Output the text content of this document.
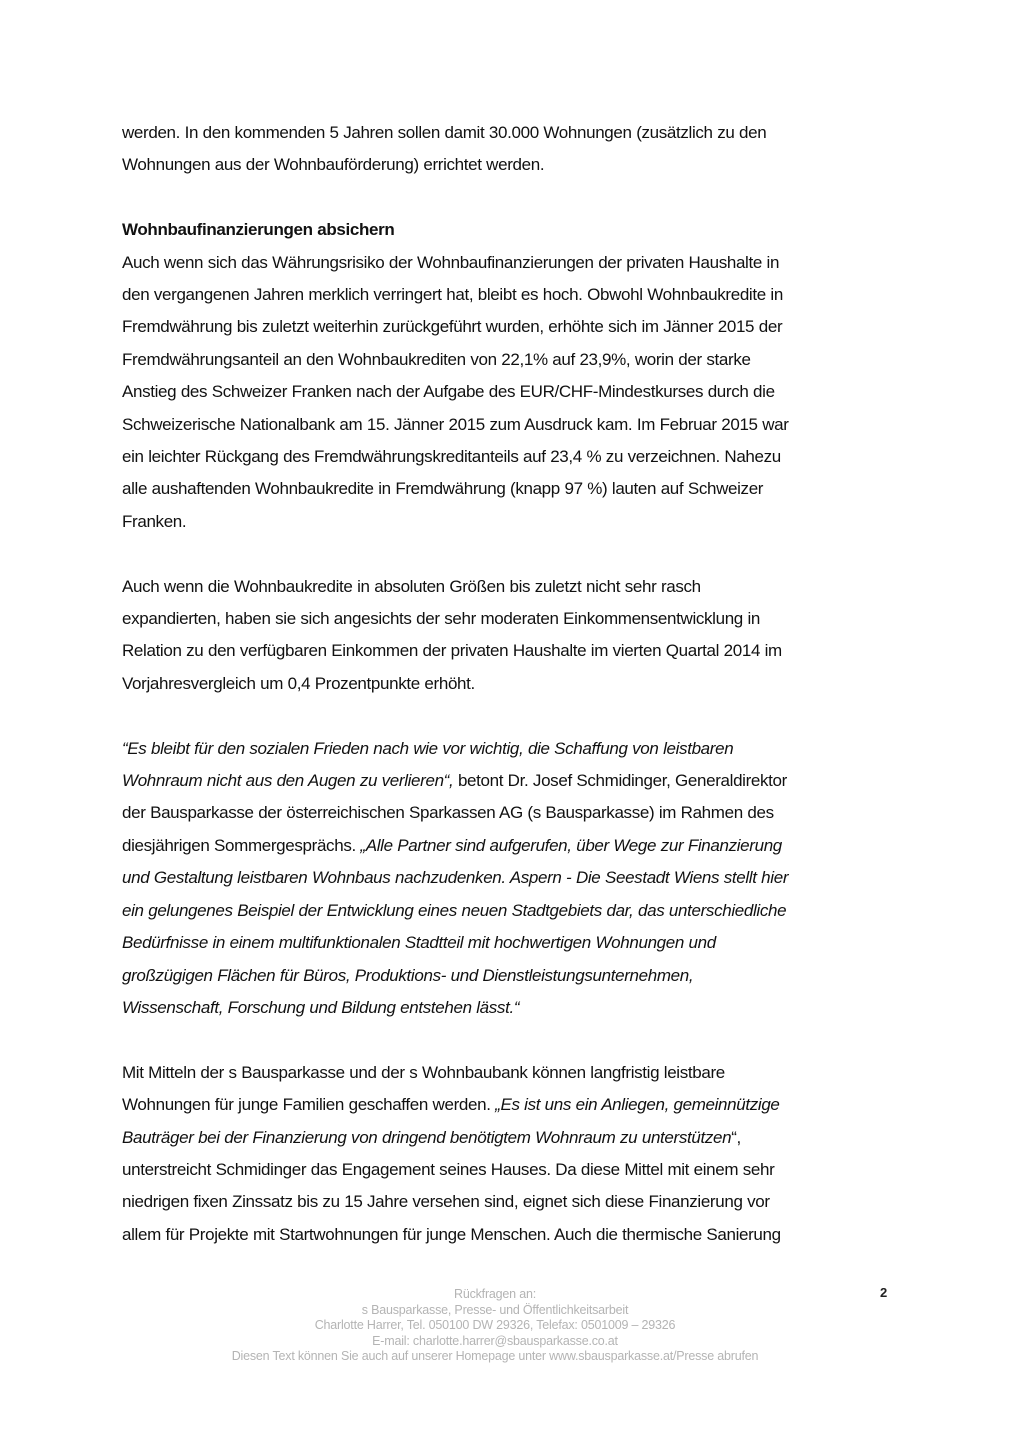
werden. In den kommenden 5 Jahren sollen damit 30.000 Wohnungen (zusätzlich zu den
Wohnungen aus der Wohnbauförderung) errichtet werden.

Wohnbaufinanzierungen absichern
Auch wenn sich das Währungsrisiko der Wohnbaufinanzierungen der privaten Haushalte in
den vergangenen Jahren merklich verringert hat, bleibt es hoch. Obwohl Wohnbaukredite in
Fremdwährung bis zuletzt weiterhin zurückgeführt wurden, erhöhte sich im Jänner 2015 der
Fremdwährungsanteil an den Wohnbaukrediten von 22,1% auf 23,9%, worin der starke
Anstieg des Schweizer Franken nach der Aufgabe des EUR/CHF-Mindestkurses durch die
Schweizerische Nationalbank am 15. Jänner 2015 zum Ausdruck kam. Im Februar 2015 war
ein leichter Rückgang des Fremdwährungskreditanteils auf 23,4 % zu verzeichnen. Nahezu
alle aushaftenden Wohnbaukredite in Fremdwährung (knapp 97 %) lauten auf Schweizer
Franken.

Auch wenn die Wohnbaukredite in absoluten Größen bis zuletzt nicht sehr rasch
expandierten, haben sie sich angesichts der sehr moderaten Einkommensentwicklung in
Relation zu den verfügbaren Einkommen der privaten Haushalte im vierten Quartal 2014 im
Vorjahresvergleich um 0,4 Prozentpunkte erhöht.

“Es bleibt für den sozialen Frieden nach wie vor wichtig, die Schaffung von leistbaren
Wohnraum nicht aus den Augen zu verlieren“, betont Dr. Josef Schmidinger, Generaldirektor
der Bausparkasse der österreichischen Sparkassen AG (s Bausparkasse) im Rahmen des
diesjährigen Sommergesprächs. „Alle Partner sind aufgerufen, über Wege zur Finanzierung
und Gestaltung leistbaren Wohnbaus nachzudenken. Aspern - Die Seestadt Wiens stellt hier
ein gelungenes Beispiel der Entwicklung eines neuen Stadtgebiets dar, das unterschiedliche
Bedürfnisse in einem multifunktionalen Stadtteil mit hochwertigen Wohnungen und
großzügigen Flächen für Büros, Produktions- und Dienstleistungsunternehmen,
Wissenschaft, Forschung und Bildung entstehen lässt.“

Mit Mitteln der s Bausparkasse und der s Wohnbaubank können langfristig leistbare
Wohnungen für junge Familien geschaffen werden. „Es ist uns ein Anliegen, gemeinnützige
Bauträger bei der Finanzierung von dringend benötigtem Wohnraum zu unterstützen“,
unterstreicht Schmidinger das Engagement seines Hauses. Da diese Mittel mit einem sehr
niedrigen fixen Zinssatz bis zu 15 Jahre versehen sind, eignet sich diese Finanzierung vor
allem für Projekte mit Startwohnungen für junge Menschen. Auch die thermische Sanierung

Rückfragen an:
s Bausparkasse, Presse- und Öffentlichkeitsarbeit
Charlotte Harrer, Tel. 050100 DW 29326, Telefax: 0501009 – 29326
E-mail: charlotte.harrer@sbausparkasse.co.at
Diesen Text können Sie auch auf unserer Homepage unter www.sbausparkasse.at/Presse abrufen
2
